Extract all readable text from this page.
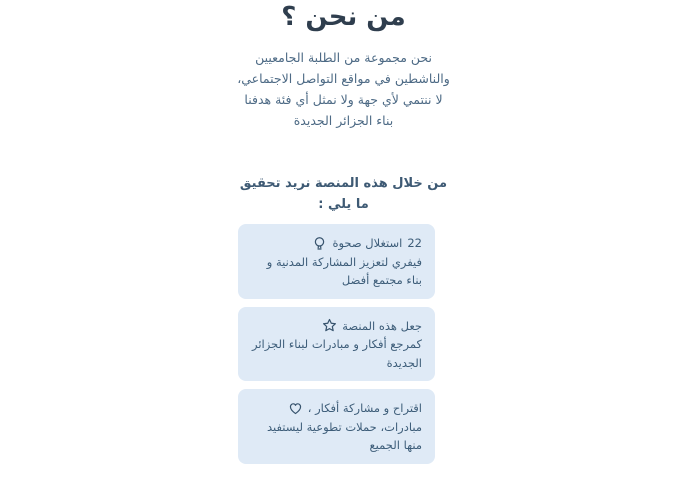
من نحن ؟

نحن مجموعة من الطلبة الجامعيين والناشطين في مواقع التواصل الاجتماعي، لا ننتمي لأي جهة ولا نمثل أي فئة هدفنا بناء الجزائر الجديدة

من خلال هذه المنصة نريد تحقيق ما يلي :

استغلال صحوة 22
فيفري لتعزيز المشاركة المدنية و بناء مجتمع أفضل
جعل هذه المنصة
كمرجع أفكار و مبادرات لبناء الجزائر الجديدة
اقتراح و مشاركة أفكار ،
مبادرات، حملات تطوعية ليستفيد منها الجميع
